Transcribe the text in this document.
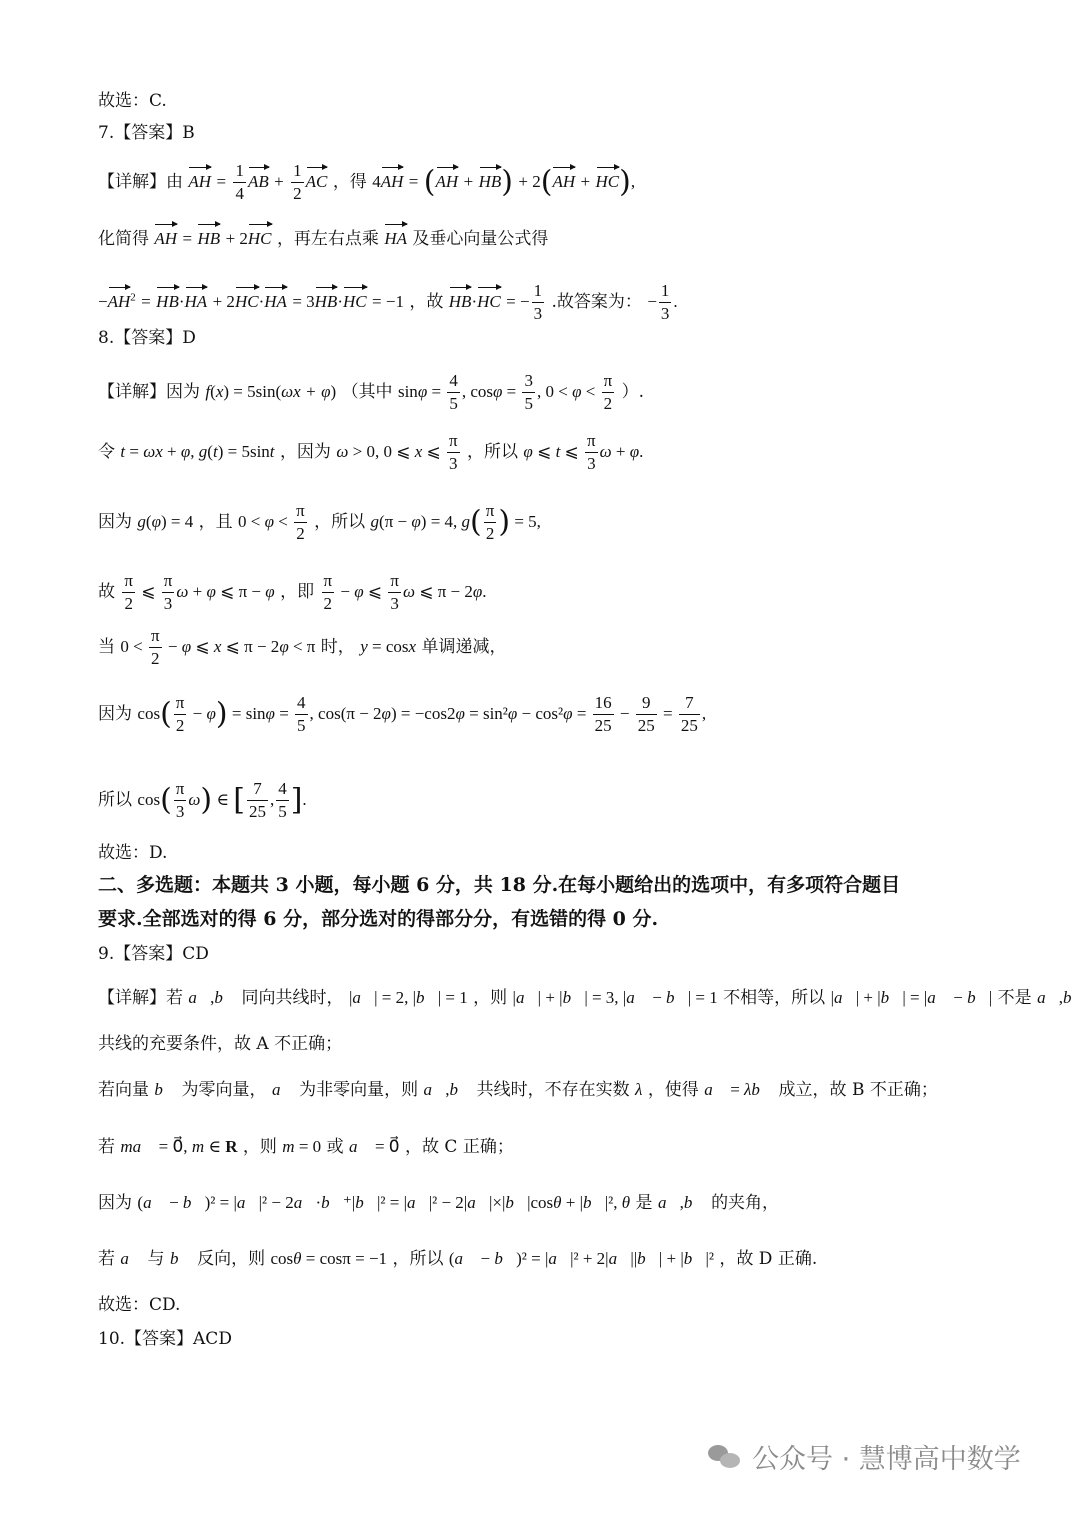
故选：C.
7.【答案】B
【详解】由 AH = $\frac{1}{4}$ AB + $\frac{1}{2}$ AC ，得 4AH = (AH + HB) + 2(AH + HC),
化简得 AH = HB + 2HC ，再左右点乘 HA 及垂心向量公式得
$-AH^2 = HB\cdot HA + 2HC\cdot HA = 3HB\cdot HC = -1$ ，故 HB·HC = − $\frac{1}{3}$ .故答案为： − $\frac{1}{3}$ .
8.【答案】D
【详解】因为 f(x) = 5sin(ωx + φ) （其中 $\sin\varphi = \frac{4}{5}$ , $\cos\varphi = \frac{3}{5}$ , $0 < \varphi < \frac{\pi}{2}$ ）.
令 t = ωx + φ, g(t) = 5sint ，因为 ω > 0, 0 ⩽ x ⩽ $\frac{\pi}{3}$ ，所以 φ ⩽ t ⩽ $\frac{\pi}{3}$ ω + φ.
因为 g(φ) = 4 ，且 $0 < \varphi < \frac{\pi}{2}$ ，所以 g(π − φ) = 4, $g( \frac{\pi}{2}$ ) = 5,
故 $\frac{\pi}{2}$ ⩽ $\frac{\pi}{3}$ ω + φ ⩽ π − φ ，即 $\frac{\pi}{2} - \varphi$ ⩽ $\frac{\pi}{3}$ ω ⩽ π − 2φ.
当 $0 < \frac{\pi}{2} - \varphi$ ⩽ x ⩽ π − 2φ < π 时， y = cosx 单调递减，
因为 $\cos( \frac{\pi}{2} - \varphi) = \sin\varphi = \frac{4}{5}$ , $\cos(\pi - 2\varphi) = -\cos 2\varphi = \sin^2\varphi - \cos^2\varphi = \frac{16}{25} - \frac{9}{25} = \frac{7}{25}$ ,
所以 $\cos( \frac{\pi}{3} \omega)$ ∈ [ $\frac{7}{25}$ , $\frac{4}{5}$ ].
故选：D.
二、多选题：本题共 3 小题，每小题 6 分，共 18 分.在每小题给出的选项中，有多项符合题目
要求.全部选对的得 6 分，部分选对的得部分分，有选错的得 0 分.
9.【答案】CD
【详解】若 a⃗,b⃗ 同向共线时， |a⃗| = 2, |b⃗| = 1 ，则 |a⃗| + |b⃗| = 3, |a⃗ − b⃗| = 1 不相等，所以 |a⃗| + |b⃗| = |a⃗ − b⃗| 不是 a⃗,b⃗
共线的充要条件，故 A 不正确；
若向量 b⃗ 为零向量， a⃗ 为非零向量，则 a⃗,b⃗ 共线时，不存在实数 λ ，使得 a⃗ = λb⃗ 成立，故 B 不正确；
若 ma⃗ = 0⃗, m ∈ R ，则 m = 0 或 a⃗ = 0⃗ ，故 C 正确；
因为 (a⃗ − b⃗)² = |a⃗|² − 2a⃗·b⃗⁺|b⃗|² = |a⃗|² − 2|a⃗|×|b⃗|cosθ + |b⃗|², θ 是 a⃗,b⃗ 的夹角，
若 a⃗ 与 b⃗ 反向，则 cosθ = cosπ = −1 ，所以 (a⃗ − b⃗)² = |a⃗|² + 2|a⃗||b⃗| + |b⃗|² ，故 D 正确.
故选：CD.
10.【答案】ACD
公众号 · 慧博高中数学
